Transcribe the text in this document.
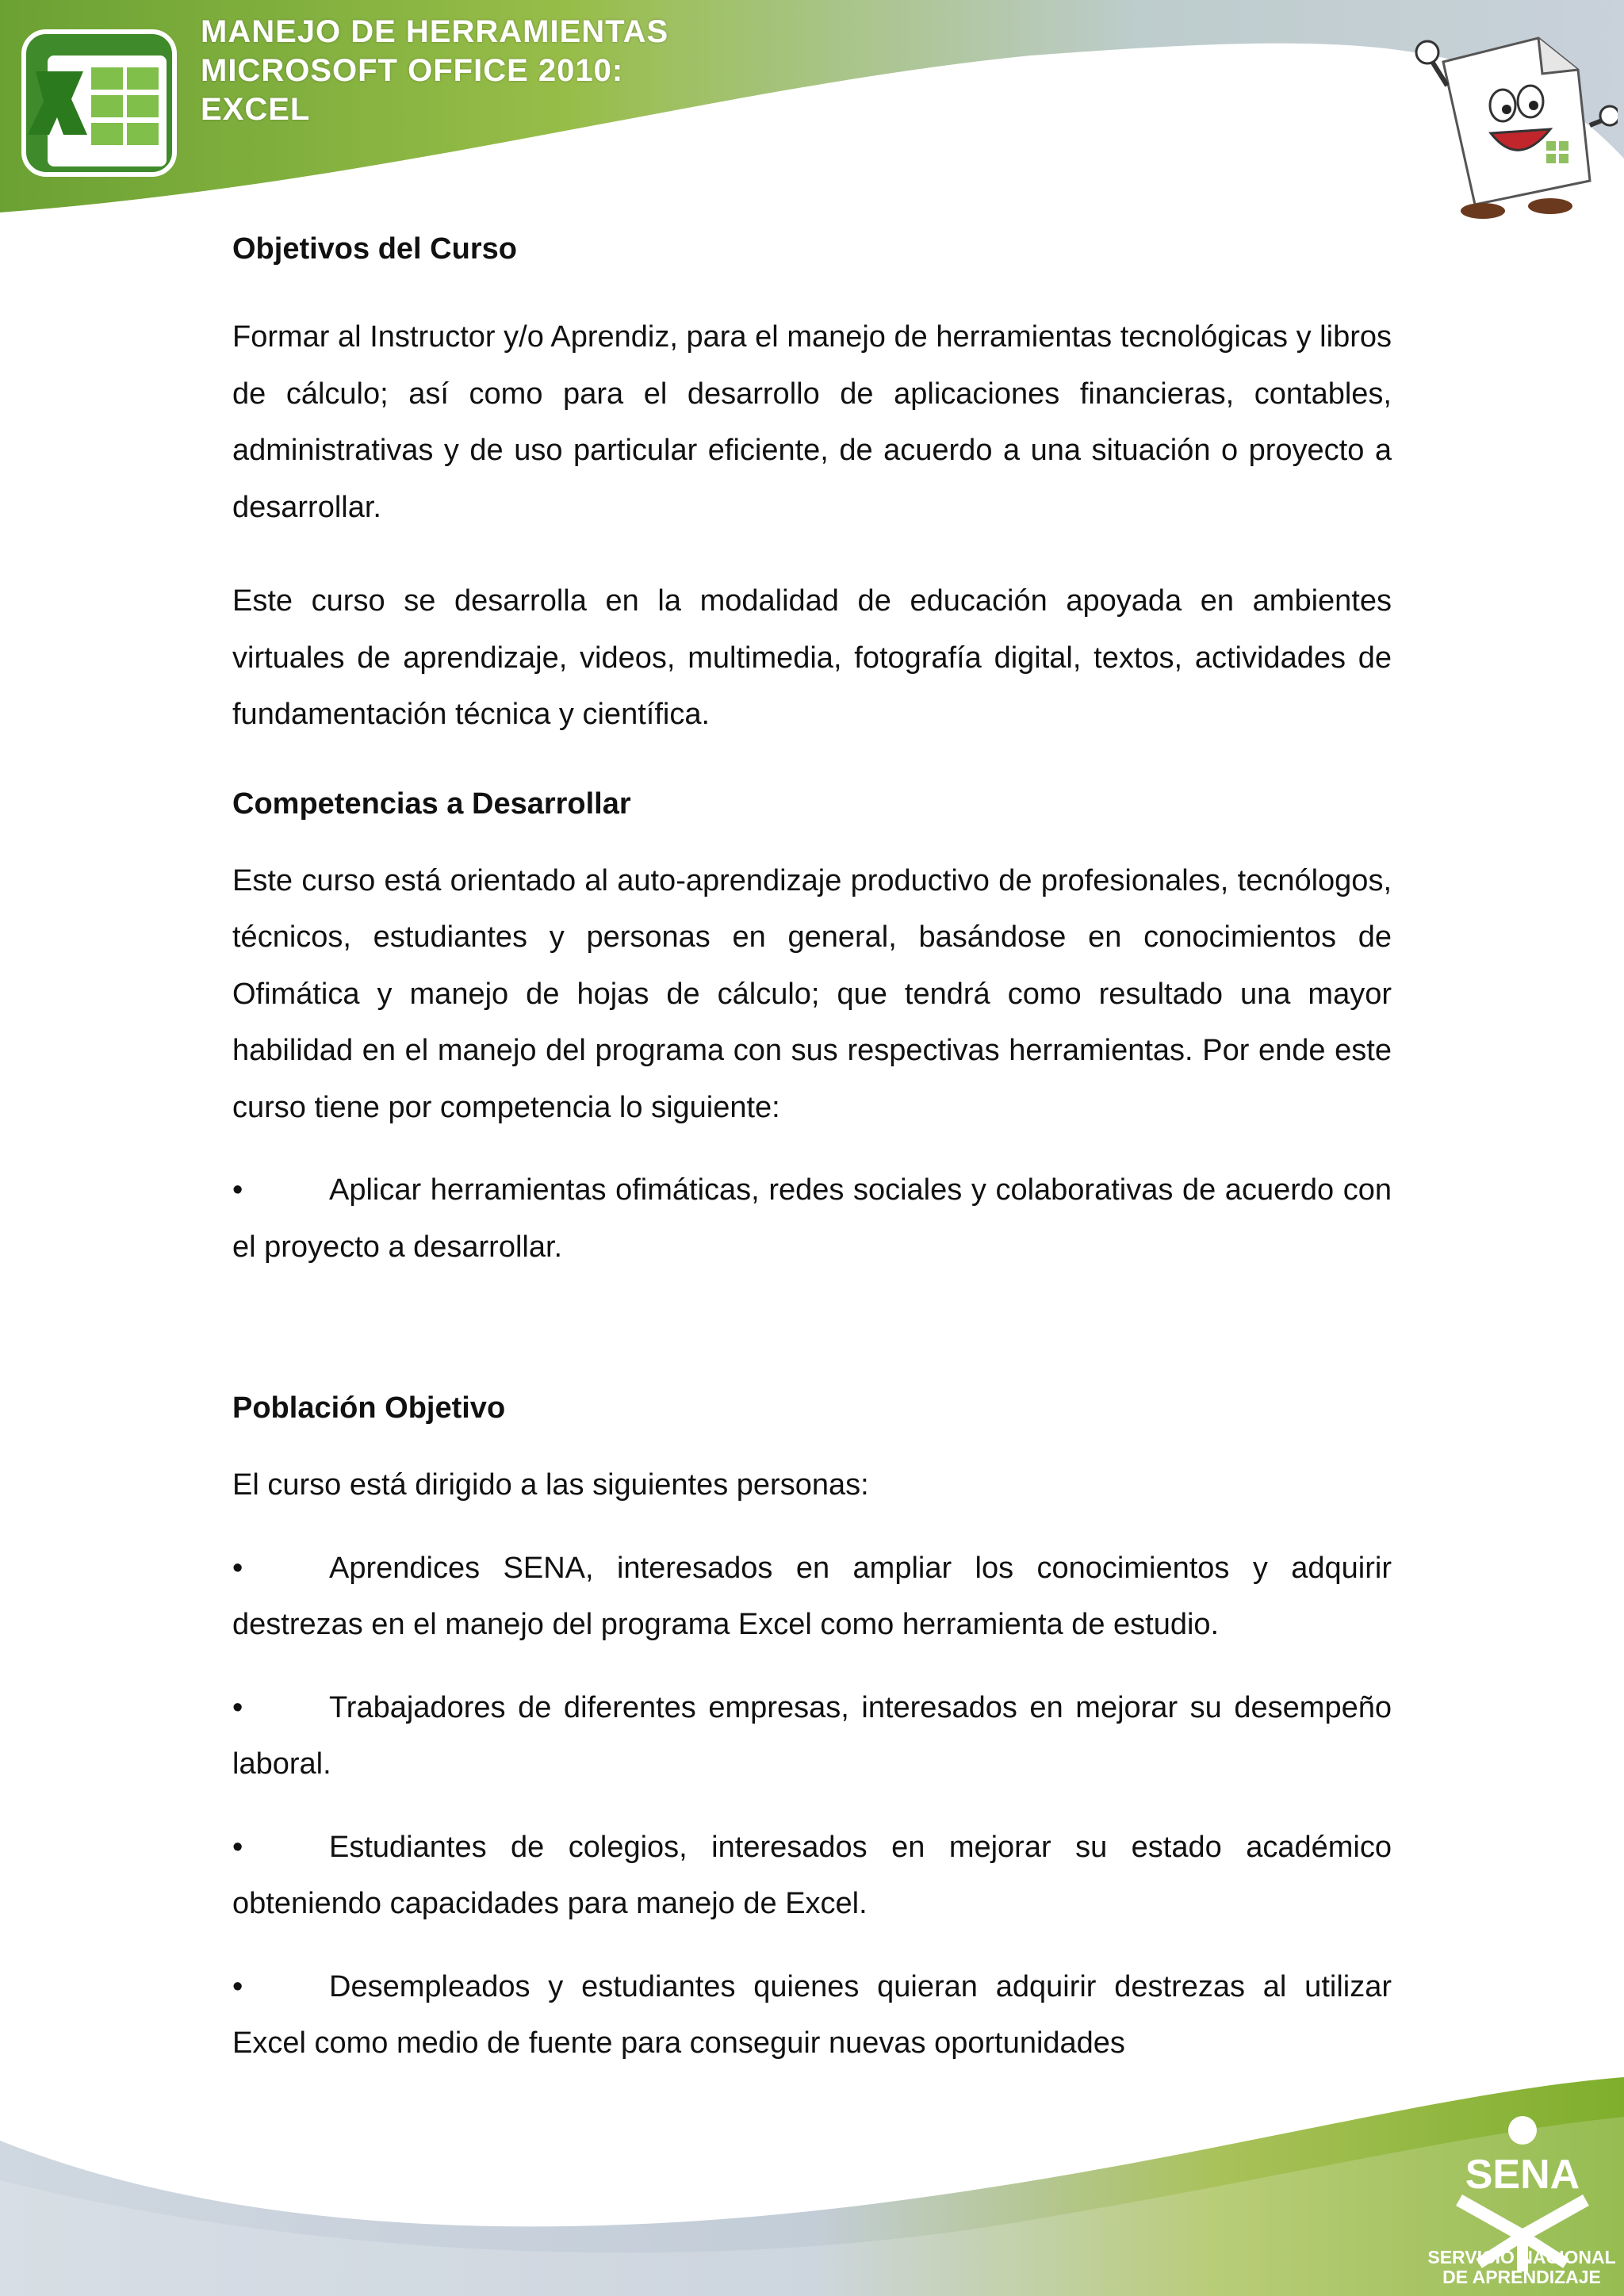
MANEJO DE HERRAMIENTAS
MICROSOFT OFFICE 2010:
EXCEL
Objetivos del Curso

Formar al Instructor y/o Aprendiz, para el manejo de herramientas tecnológicas y libros de cálculo; así como para el desarrollo de aplicaciones financieras, contables, administrativas y de uso particular eficiente, de acuerdo a una situación o proyecto a desarrollar.

Este curso se desarrolla en la modalidad de educación apoyada en ambientes virtuales de aprendizaje, videos, multimedia, fotografía digital, textos, actividades de fundamentación técnica y científica.

Competencias a Desarrollar

Este curso está orientado al auto-aprendizaje productivo de profesionales, tecnólogos, técnicos, estudiantes y personas en general, basándose en conocimientos de Ofimática y manejo de hojas de cálculo; que tendrá como resultado una mayor habilidad en el manejo del programa con sus respectivas herramientas. Por ende este curso tiene por competencia lo siguiente:

•	Aplicar herramientas ofimáticas, redes sociales y colaborativas de acuerdo con el proyecto a desarrollar.

Población Objetivo

El curso está dirigido a las siguientes personas:

•	Aprendices SENA, interesados en ampliar los conocimientos y adquirir destrezas en el manejo del programa Excel como herramienta de estudio.

•	Trabajadores de diferentes empresas, interesados en mejorar su desempeño laboral.

•	Estudiantes de colegios, interesados en mejorar su estado académico obteniendo capacidades para manejo de Excel.

•	Desempleados y estudiantes quienes quieran adquirir destrezas al utilizar Excel como medio de fuente para conseguir nuevas oportunidades

SENA
SERVICIO NACIONAL
DE APRENDIZAJE
